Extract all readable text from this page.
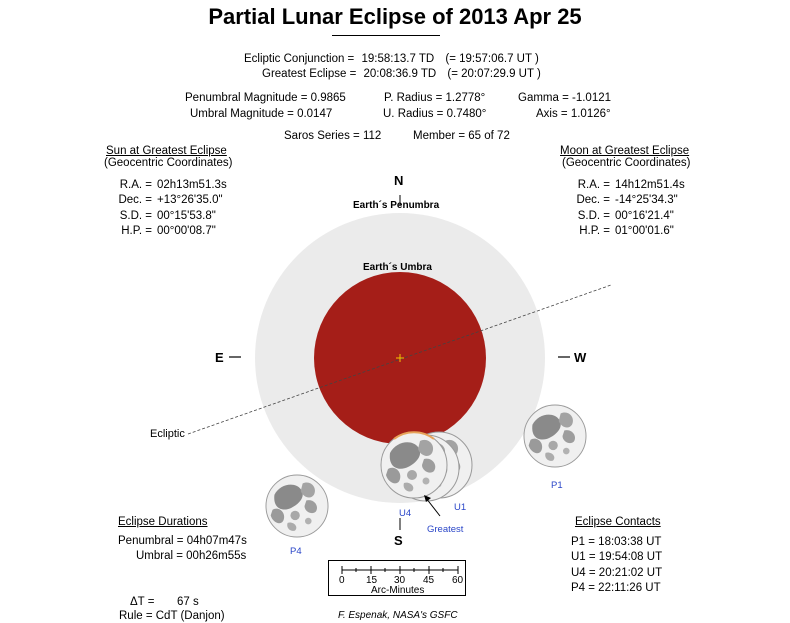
Partial Lunar Eclipse of 2013 Apr 25
Ecliptic Conjunction = 19:58:13.7 TD (= 19:57:06.7 UT )
Greatest Eclipse = 20:08:36.9 TD (= 20:07:29.9 UT )
Penumbral Magnitude = 0.9865
Umbral Magnitude = 0.0147
P. Radius = 1.2778°
U. Radius = 0.7480°
Gamma = -1.0121
Axis = 1.0126°
Saros Series = 112	Member = 65 of 72
Sun at Greatest Eclipse
(Geocentric Coordinates)
R.A. = 02h13m51.3s
Dec. = +13°26'35.0"
S.D. = 00°15'53.8"
H.P. = 00°00'08.7"
Moon at Greatest Eclipse
(Geocentric Coordinates)
R.A. = 14h12m51.4s
Dec. = -14°25'34.3"
S.D. = 00°16'21.4"
H.P. = 01°00'01.6"
N
S
E	W
Earth´s Penumbra
Earth´s Umbra
Ecliptic
P1
U1
U4
P4
Greatest
Eclipse Durations
Penumbral = 04h07m47s
Umbral = 00h26m55s
Eclipse Contacts
P1 = 18:03:38 UT
U1 = 19:54:08 UT
U4 = 20:21:02 UT
P4 = 22:11:26 UT
0 15 30 45 60
Arc-Minutes
ΔT = 67 s
Rule = CdT (Danjon)	F. Espenak, NASA's GSFC
